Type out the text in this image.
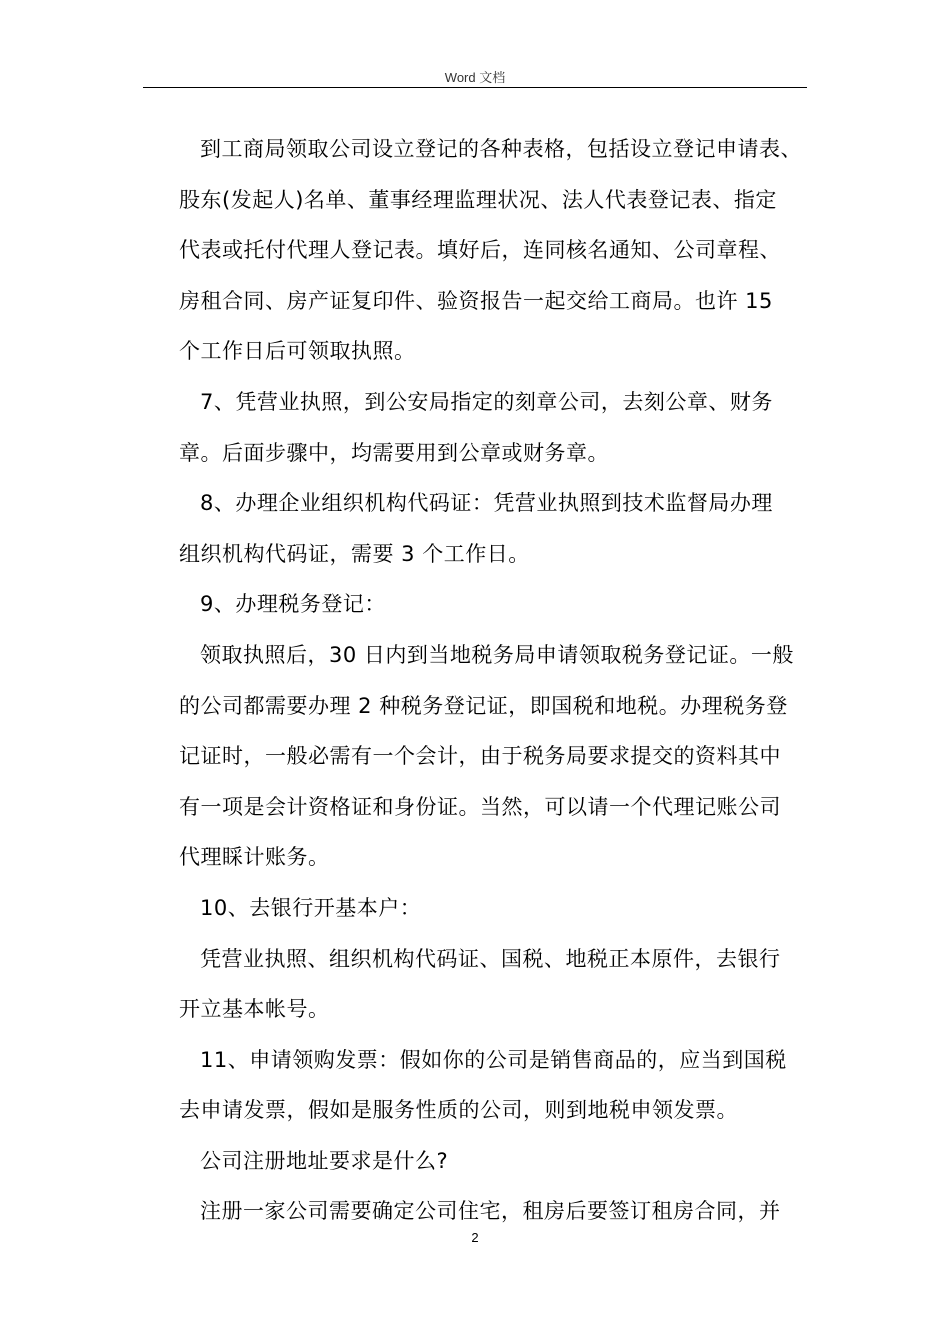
Word 文档
到工商局领取公司设立登记的各种表格，包括设立登记申请表、
股东(发起人)名单、董事经理监理状况、法人代表登记表、指定
代表或托付代理人登记表。填好后，连同核名通知、公司章程、
房租合同、房产证复印件、验资报告一起交给工商局。也许 15
个工作日后可领取执照。
7、凭营业执照，到公安局指定的刻章公司，去刻公章、财务
章。后面步骤中，均需要用到公章或财务章。
8、办理企业组织机构代码证：凭营业执照到技术监督局办理
组织机构代码证，需要 3 个工作日。
9、办理税务登记：
领取执照后，30 日内到当地税务局申请领取税务登记证。一般
的公司都需要办理 2 种税务登记证，即国税和地税。办理税务登
记证时，一般必需有一个会计，由于税务局要求提交的资料其中
有一项是会计资格证和身份证。当然，可以请一个代理记账公司
代理睬计账务。
10、去银行开基本户：
凭营业执照、组织机构代码证、国税、地税正本原件，去银行
开立基本帐号。
11、申请领购发票：假如你的公司是销售商品的，应当到国税
去申请发票，假如是服务性质的公司，则到地税申领发票。
公司注册地址要求是什么?
注册一家公司需要确定公司住宅，租房后要签订租房合同，并
2
